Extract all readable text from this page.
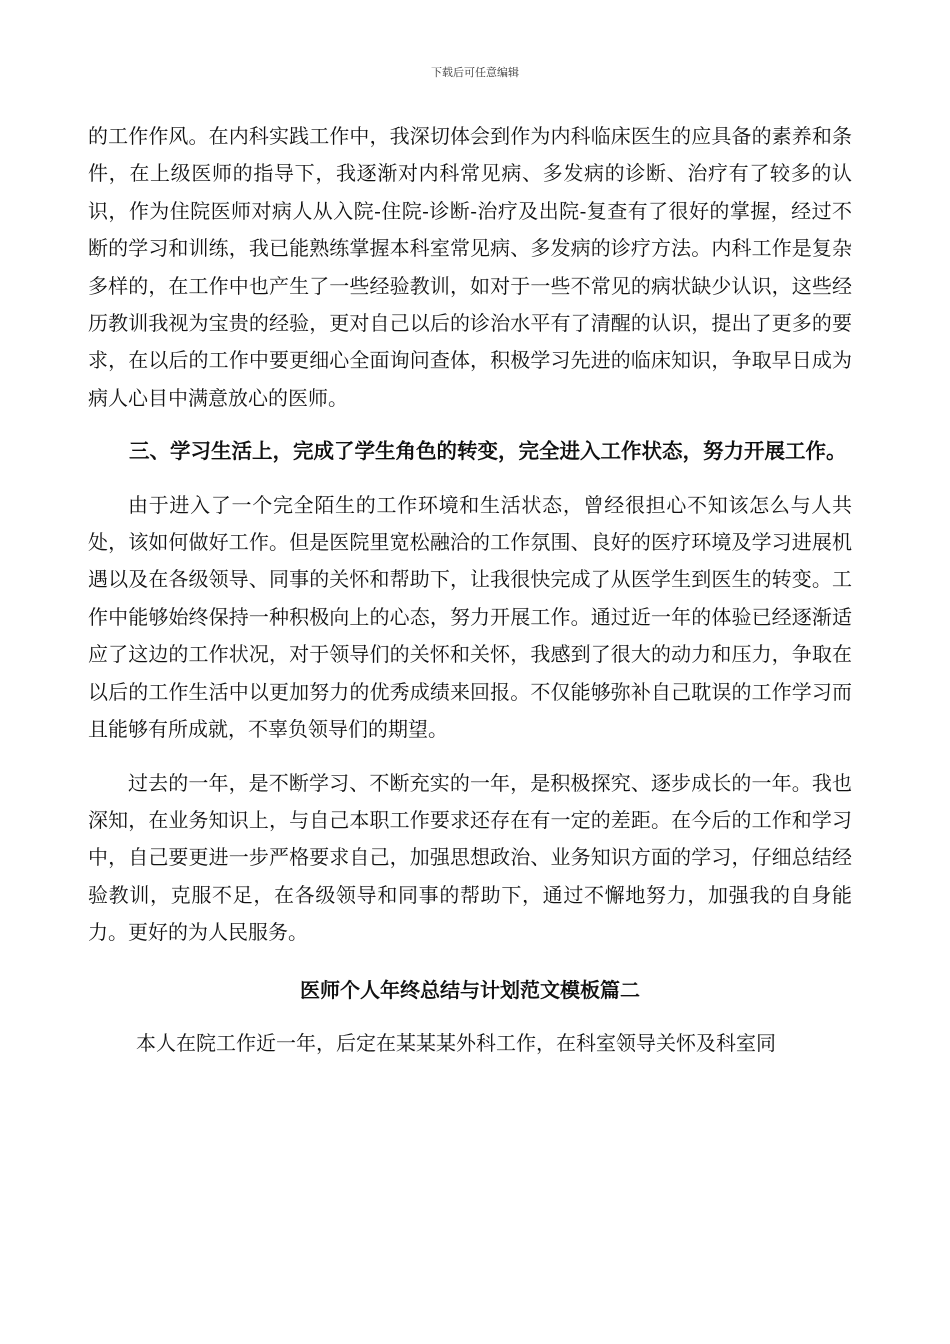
下载后可任意编辑

的工作作风。在内科实践工作中，我深切体会到作为内科临床医生的应具备的素养和条件，在上级医师的指导下，我逐渐对内科常见病、多发病的诊断、治疗有了较多的认识，作为住院医师对病人从入院-住院-诊断-治疗及出院-复查有了很好的掌握，经过不断的学习和训练，我已能熟练掌握本科室常见病、多发病的诊疗方法。内科工作是复杂多样的，在工作中也产生了一些经验教训，如对于一些不常见的病状缺少认识，这些经历教训我视为宝贵的经验，更对自己以后的诊治水平有了清醒的认识，提出了更多的要求，在以后的工作中要更细心全面询问查体，积极学习先进的临床知识，争取早日成为病人心目中满意放心的医师。

三、学习生活上，完成了学生角色的转变，完全进入工作状态，努力开展工作。

由于进入了一个完全陌生的工作环境和生活状态，曾经很担心不知该怎么与人共处，该如何做好工作。但是医院里宽松融洽的工作氛围、良好的医疗环境及学习进展机遇以及在各级领导、同事的关怀和帮助下，让我很快完成了从医学生到医生的转变。工作中能够始终保持一种积极向上的心态，努力开展工作。通过近一年的体验已经逐渐适应了这边的工作状况，对于领导们的关怀和关怀，我感到了很大的动力和压力，争取在以后的工作生活中以更加努力的优秀成绩来回报。不仅能够弥补自己耽误的工作学习而且能够有所成就，不辜负领导们的期望。

过去的一年，是不断学习、不断充实的一年，是积极探究、逐步成长的一年。我也深知，在业务知识上，与自己本职工作要求还存在有一定的差距。在今后的工作和学习中，自己要更进一步严格要求自己，加强思想政治、业务知识方面的学习，仔细总结经验教训，克服不足，在各级领导和同事的帮助下，通过不懈地努力，加强我的自身能力。更好的为人民服务。

医师个人年终总结与计划范文模板篇二

本人在院工作近一年，后定在某某某外科工作，在科室领导关怀及科室同
